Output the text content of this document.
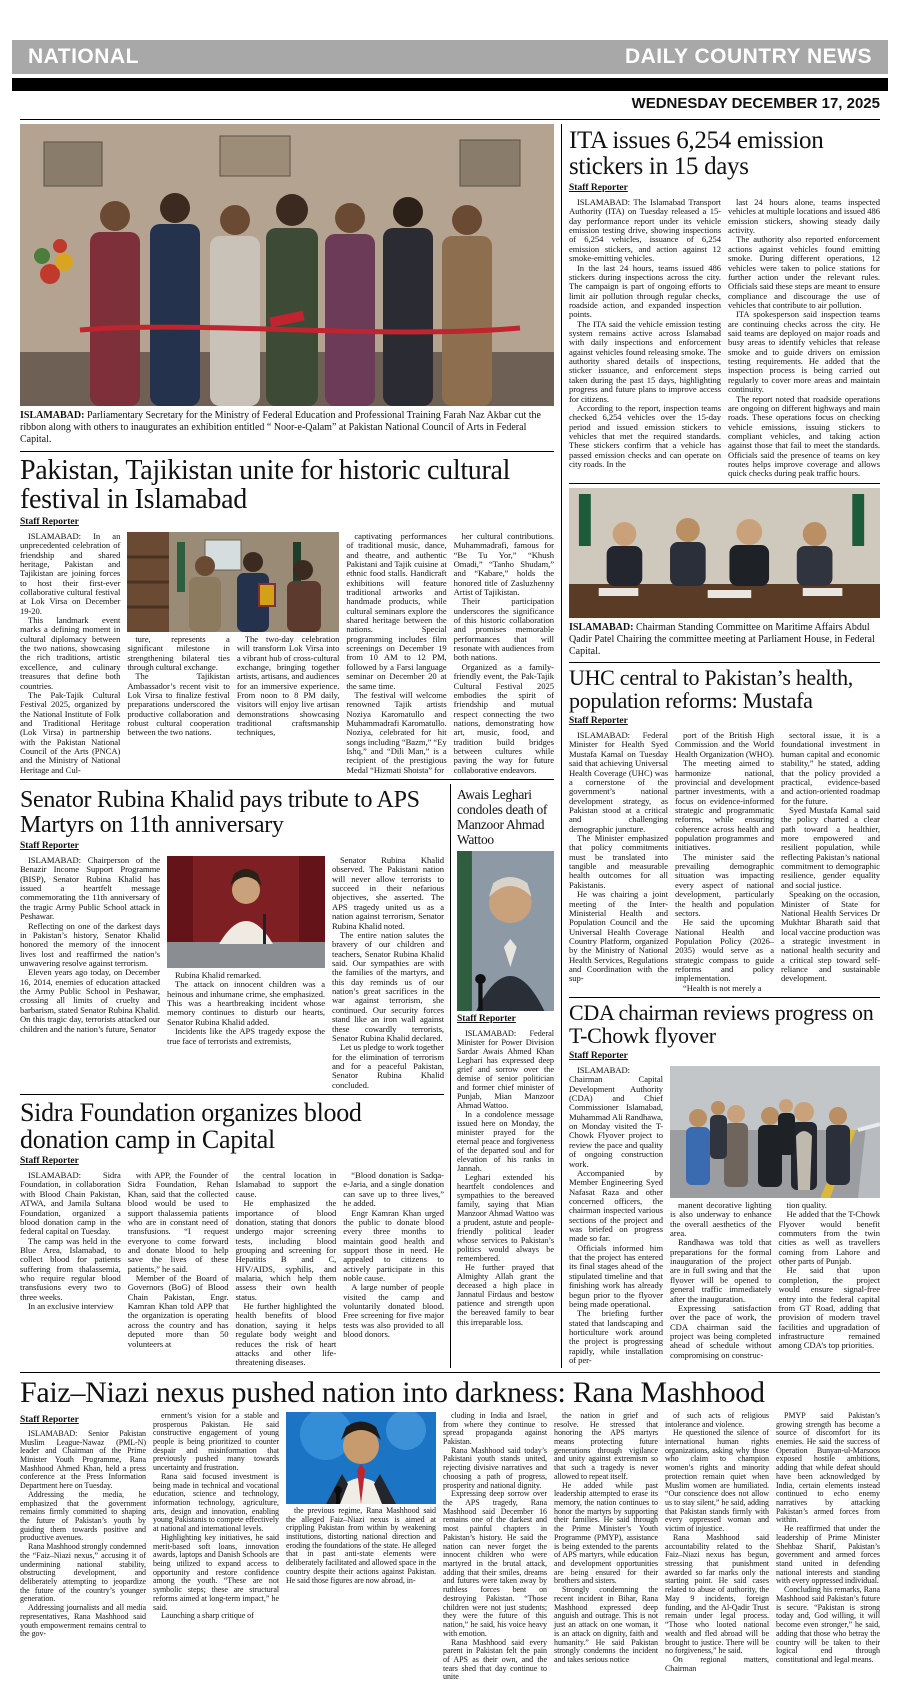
NATIONAL	DAILY COUNTRY NEWS
WEDNESDAY DECEMBER 17, 2025
ISLAMABAD: Parliamentary Secretary for the Ministry of Federal Education and Professional Training Farah Naz Akbar cut the ribbon along with others to inaugurates an exhibition entitled “ Noor-e-Qalam” at Pakistan National Council of Arts in Federal Capital.
Pakistan, Tajikistan unite for historic cultural festival in Islamabad
Staff Reporter

ISLAMABAD: In an unprecedented celebration of friendship and shared heritage, Pakistan and Tajikistan are joining forces to host their first-ever collaborative cultural festival at Lok Virsa on December 19-20.

This landmark event marks a defining moment in cultural diplomacy between the two nations, showcasing the rich traditions, artistic excellence, and culinary treasures that define both countries.

The Pak-Tajik Cultural Festival 2025, organized by the National Institute of Folk and Traditional Heritage (Lok Virsa) in partnership with the Pakistan National Council of the Arts (PNCA) and the Ministry of National Heritage and Cul-

ture, represents a significant milestone in strengthening bilateral ties through cultural exchange.

The Tajikistan Ambassador’s recent visit to Lok Virsa to finalize festival preparations underscored the productive collaboration and robust cultural cooperation between the two nations.

The two-day celebration will transform Lok Virsa into a vibrant hub of cross-cultural exchange, bringing together artists, artisans, and audiences for an immersive experience. From noon to 8 PM daily, visitors will enjoy live artisan demonstrations showcasing traditional craftsmanship techniques,

captivating performances of traditional music, dance, and theatre, and authentic Pakistani and Tajik cuisine at ethnic food stalls. Handicraft exhibitions will feature traditional artworks and handmade products, while cultural seminars explore the shared heritage between the nations. Special programming includes film screenings on December 19 from 10 AM to 12 PM, followed by a Farsi language seminar on December 20 at the same time.

The festival will welcome renowned Tajik artists Noziya Karomatullo and Muhammadrafi Karomatullo. Noziya, celebrated for hit songs including “Bazm,” “Ey Ishq,” and “Dili Man,” is a recipient of the prestigious Medal “Hizmati Shoista” for

her cultural contributions. Muhammadrafi, famous for “Be Tu Yor,” “Khush Omadi,” “Tanho Shudam,” and “Kabare,” holds the honored title of Zasluzhenny Artist of Tajikistan.

Their participation underscores the significance of this historic collaboration and promises memorable performances that will resonate with audiences from both nations.

Organized as a family-friendly event, the Pak-Tajik Cultural Festival 2025 embodies the spirit of friendship and mutual respect connecting the two nations, demonstrating how art, music, food, and tradition build bridges between cultures while paving the way for future collaborative endeavors.

Senator Rubina Khalid pays tribute to APS Martyrs on 11th anniversary
Staff Reporter

ISLAMABAD: Chairperson of the Benazir Income Support Programme (BISP), Senator Rubina Khalid has issued a heartfelt message commemorating the 11th anniversary of the tragic Army Public School attack in Peshawar.

Reflecting on one of the darkest days in Pakistan’s history, Senator Khalid honored the memory of the innocent lives lost and reaffirmed the nation’s unwavering resolve against terrorism.

Eleven years ago today, on December 16, 2014, enemies of education attacked the Army Public School in Peshawar, crossing all limits of cruelty and barbarism, stated Senator Rubina Khalid. On this tragic day, terrorists attacked our children and the nation’s future, Senator

Rubina Khalid remarked.

The attack on innocent children was a heinous and inhumane crime, she emphasized. This was a heartbreaking incident whose memory continues to disturb our hearts, Senator Rubina Khalid added.

Incidents like the APS tragedy expose the true face of terrorists and extremists,

Senator Rubina Khalid observed. The Pakistani nation will never allow terrorists to succeed in their nefarious objectives, she asserted. The APS tragedy united us as a nation against terrorism, Senator Rubina Khalid noted.

The entire nation salutes the bravery of our children and teachers, Senator Rubina Khalid said. Our sympathies are with the families of the martyrs, and this day reminds us of our nation’s great sacrifices in the war against terrorism, she continued. Our security forces stand like an iron wall against these cowardly terrorists, Senator Rubina Khalid declared.

Let us pledge to work together for the elimination of terrorism and for a peaceful Pakistan, Senator Rubina Khalid concluded.

Sidra Foundation organizes blood donation camp in Capital
Staff Reporter

ISLAMABAD: Sidra Foundation, in collaboration with Blood Chain Pakistan, ATWA, and Jamila Sultana Foundation, organized a blood donation camp in the federal capital on Tuesday.

The camp was held in the Blue Area, Islamabad, to collect blood for patients suffering from thalassemia, who require regular blood transfusions every two to three weeks.

In an exclusive interview

with APP, the Founder of Sidra Foundation, Rehan Khan, said that the collected blood would be used to support thalassemia patients who are in constant need of transfusions. “I request everyone to come forward and donate blood to help save the lives of these patients,” he said.

Member of the Board of Governors (BoG) of Blood Chain Pakistan, Engr. Kamran Khan told APP that the organization is operating across the country and has deputed more than 50 volunteers at

the central location in Islamabad to support the cause.

He emphasized the importance of blood donation, stating that donors undergo major screening tests, including blood grouping and screening for Hepatitis B and C, HIV/AIDS, syphilis, and malaria, which help them assess their own health status.

He further highlighted the health benefits of blood donation, saying it helps regulate body weight and reduces the risk of heart attacks and other life-threatening diseases.

“Blood donation is Sadqa-e-Jaria, and a single donation can save up to three lives,” he added.

Engr Kamran Khan urged the public to donate blood every three months to maintain good health and support those in need. He appealed to citizens to actively participate in this noble cause.

A large number of people visited the camp and voluntarily donated blood. Free screening for five major tests was also provided to all blood donors.

Awais Leghari condoles death of Manzoor Ahmad Wattoo
Staff Reporter

ISLAMABAD: Federal Minister for Power Division Sardar Awais Ahmed Khan Leghari has expressed deep grief and sorrow over the demise of senior politician and former chief minister of Punjab, Mian Manzoor Ahmad Wattoo.

In a condolence message issued here on Monday, the minister prayed for the eternal peace and forgiveness of the departed soul and for elevation of his ranks in Jannah.

Leghari extended his heartfelt condolences and sympathies to the bereaved family, saying that Mian Manzoor Ahmad Wattoo was a prudent, astute and people-friendly political leader whose services to Pakistan’s politics would always be remembered.

He further prayed that Almighty Allah grant the deceased a high place in Jannatul Firdaus and bestow patience and strength upon the bereaved family to bear this irreparable loss.

ITA issues 6,254 emission stickers in 15 days
Staff Reporter

ISLAMABAD: The Islamabad Transport Authority (ITA) on Tuesday released a 15-day performance report under its vehicle emission testing drive, showing inspections of 6,254 vehicles, issuance of 6,254 emission stickers, and action against 12 smoke-emitting vehicles.

In the last 24 hours, teams issued 486 stickers during inspections across the city. The campaign is part of ongoing efforts to limit air pollution through regular checks, roadside action, and expanded inspection points.

The ITA said the vehicle emission testing system remains active across Islamabad with daily inspections and enforcement against vehicles found releasing smoke. The authority shared details of inspections, sticker issuance, and enforcement steps taken during the past 15 days, highlighting progress and future plans to improve access for citizens.

According to the report, inspection teams checked 6,254 vehicles over the 15-day period and issued emission stickers to vehicles that met the required standards. These stickers confirm that a vehicle has passed emission checks and can operate on city roads. In the

last 24 hours alone, teams inspected vehicles at multiple locations and issued 486 emission stickers, showing steady daily activity.

The authority also reported enforcement actions against vehicles found emitting smoke. During different operations, 12 vehicles were taken to police stations for further action under the relevant rules. Officials said these steps are meant to ensure compliance and discourage the use of vehicles that contribute to air pollution.

ITA spokesperson said inspection teams are continuing checks across the city. He said teams are deployed on major roads and busy areas to identify vehicles that release smoke and to guide drivers on emission testing requirements. He added that the inspection process is being carried out regularly to cover more areas and maintain continuity.

The report noted that roadside operations are ongoing on different highways and main roads. These operations focus on checking vehicle emissions, issuing stickers to compliant vehicles, and taking action against those that fail to meet the standards. Officials said the presence of teams on key routes helps improve coverage and allows quick checks during peak traffic hours.

ISLAMABAD: Chairman Standing Committee on Maritime Affairs Abdul Qadir Patel Chairing the committee meeting at Parliament House, in Federal Capital.
UHC central to Pakistan’s health, population reforms: Mustafa
Staff Reporter

ISLAMABAD: Federal Minister for Health Syed Mustafa Kamal on Tuesday said that achieving Universal Health Coverage (UHC) was a cornerstone of the government’s national development strategy, as Pakistan stood at a critical and challenging demographic juncture.

The Minister emphasized that policy commitments must be translated into tangible and measurable health outcomes for all Pakistanis.

He was chairing a joint meeting of the Inter-Ministerial Health and Population Council and the Universal Health Coverage Country Platform, organized by the Ministry of National Health Services, Regulations and Coordination with the sup-

port of the British High Commission and the World Health Organization (WHO).

The meeting aimed to harmonize national, provincial and development partner investments, with a focus on evidence-informed strategic and programmatic reforms, while ensuring coherence across health and population programmes and initiatives.

The minister said the prevailing demographic situation was impacting every aspect of national development, particularly the health and population sectors.

He said the upcoming National Health and Population Policy (2026–2035) would serve as a strategic compass to guide reforms and policy implementation.

“Health is not merely a

sectoral issue, it is a foundational investment in human capital and economic stability,” he stated, adding that the policy provided a practical, evidence-based and action-oriented roadmap for the future.

Syed Mustafa Kamal said the policy charted a clear path toward a healthier, more empowered and resilient population, while reflecting Pakistan’s national commitment to demographic resilience, gender equality and social justice.

Speaking on the occasion, Minister of State for National Health Services Dr Mukhtar Bharath said that local vaccine production was a strategic investment in national health security and a critical step toward self-reliance and sustainable development.

CDA chairman reviews progress on T-Chowk flyover
Staff Reporter

ISLAMABAD: Chairman Capital Development Authority (CDA) and Chief Commissioner Islamabad, Muhammad Ali Randhawa, on Monday visited the T-Chowk Flyover project to review the pace and quality of ongoing construction work.

Accompanied by Member Engineering Syed Nafasat Raza and other concerned officers, the chairman inspected various sections of the project and was briefed on progress made so far.

Officials informed him that the project has entered its final stages ahead of the stipulated timeline and that finishing work has already begun prior to the flyover being made operational.

The briefing further stated that landscaping and horticulture work around the project is progressing rapidly, while installation of per-

manent decorative lighting is also underway to enhance the overall aesthetics of the area.

Randhawa was told that preparations for the formal inauguration of the project are in full swing and that the flyover will be opened to general traffic immediately after the inauguration.

Expressing satisfaction over the pace of work, the CDA chairman said the project was being completed ahead of schedule without compromising on construc-

tion quality.

He added that the T-Chowk Flyover would benefit commuters from the twin cities as well as travellers coming from Lahore and other parts of Punjab.

He said that upon completion, the project would ensure signal-free entry into the federal capital from GT Road, adding that provision of modern travel facilities and upgradation of infrastructure remained among CDA’s top priorities.

Faiz–Niazi nexus pushed nation into darkness: Rana Mashhood
Staff Reporter

ISLAMABAD: Senior Pakistan Muslim League-Nawaz (PML-N) leader and Chairman of the Prime Minister Youth Programme, Rana Mashhood Ahmed Khan, held a press conference at the Press Information Department here on Tuesday.

Addressing the media, he emphasized that the government remains firmly committed to shaping the future of Pakistan’s youth by guiding them towards positive and productive avenues.

Rana Mashhood strongly condemned the “Faiz–Niazi nexus,” accusing it of undermining national stability, obstructing development, and deliberately attempting to jeopardize the future of the country’s younger generation.

Addressing journalists and all media representatives, Rana Mashhood said youth empowerment remains central to the gov-

ernment’s vision for a stable and prosperous Pakistan. He said constructive engagement of young people is being prioritized to counter despair and misinformation that previously pushed many towards uncertainty and frustration.

Rana said focused investment is being made in technical and vocational education, science and technology, information technology, agriculture, arts, design and innovation, enabling young Pakistanis to compete effectively at national and international levels.

Highlighting key initiatives, he said merit-based soft loans, innovation awards, laptops and Danish Schools are being utilized to expand access to opportunity and restore confidence among the youth. “These are not symbolic steps; these are structural reforms aimed at long-term impact,” he said.

Launching a sharp critique of

the previous regime, Rana Mashhood said the alleged Faiz–Niazi nexus is aimed at crippling Pakistan from within by weakening institutions, distorting national direction and eroding the foundations of the state. He alleged that in past anti-state elements were deliberately facilitated and allowed space in the country despite their actions against Pakistan. He said those figures are now abroad, in-

cluding in India and Israel, from where they continue to spread propaganda against Pakistan.

Rana Mashhood said today’s Pakistani youth stands united, rejecting divisive narratives and choosing a path of progress, prosperity and national dignity.

Expressing deep sorrow over the APS tragedy, Rana Mashhood said December 16 remains one of the darkest and most painful chapters in Pakistan’s history. He said the nation can never forget the innocent children who were martyred in the brutal attack, adding that their smiles, dreams and futures were taken away by ruthless forces bent on destroying Pakistan. “Those children were not just students; they were the future of this nation,” he said, his voice heavy with emotion.

Rana Mashhood said every parent in Pakistan felt the pain of APS as their own, and the tears shed that day continue to unite

the nation in grief and resolve. He stressed that honoring the APS martyrs means protecting future generations through vigilance and unity against extremism so that such a tragedy is never allowed to repeat itself.

He added while past leadership attempted to erase its memory, the nation continues to honor the martyrs by supporting their families. He said through the Prime Minister’s Youth Programme (PMYP), assistance is being extended to the parents of APS martyrs, while education and development opportunities are being ensured for their brothers and sisters.

Strongly condemning the recent incident in Bihar, Rana Mashhood expressed deep anguish and outrage. This is not just an attack on one woman, it is an attack on dignity, faith and humanity.” He said Pakistan strongly condemns the incident and takes serious notice

of such acts of religious intolerance and violence.

He questioned the silence of international human rights organizations, asking why those who claim to champion women’s rights and minority protection remain quiet when Muslim women are humiliated. “Our conscience does not allow us to stay silent,” he said, adding that Pakistan stands firmly with every oppressed woman and victim of injustice.

Rana Mashhood said accountability related to the Faiz–Niazi nexus has begun, stressing that punishment awarded so far marks only the starting point. He said cases related to abuse of authority, the May 9 incidents, foreign funding, and the Al-Qadir Trust remain under legal process. “Those who looted national wealth and fled abroad will be brought to justice. There will be no forgiveness,” he said.

On regional matters, Chairman

PMYP said Pakistan’s growing strength has become a source of discomfort for its enemies. He said the success of Operation Bunyan-ul-Marsoos exposed hostile ambitions, adding that while defeat should have been acknowledged by India, certain elements instead continued to echo enemy narratives by attacking Pakistan’s armed forces from within.

He reaffirmed that under the leadership of Prime Minister Shehbaz Sharif, Pakistan’s government and armed forces stand united in defending national interests and standing with every oppressed individual.

Concluding his remarks, Rana Mashhood said Pakistan’s future is secure. “Pakistan is strong today and, God willing, it will become even stronger,” he said, adding that those who betray the country will be taken to their logical end through constitutional and legal means.
